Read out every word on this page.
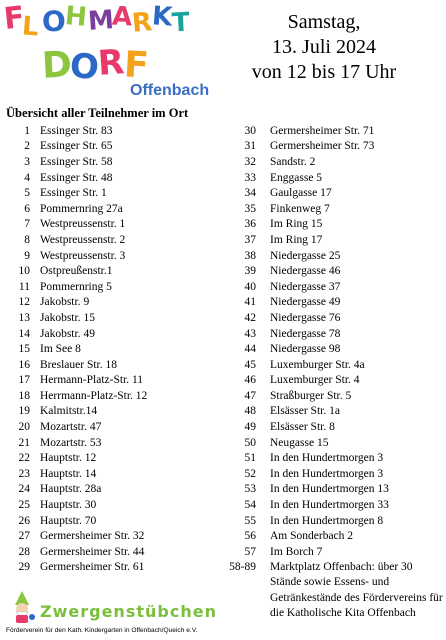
Offenbach
F
L O
H
M
A
R
K
T
D
O
R
F
Samstag,
13. Juli 2024
von 12 bis 17 Uhr
Übersicht aller Teilnehmer im Ort
1 Essinger Str. 83
2 Essinger Str. 65
3 Essinger Str. 58
4 Essinger Str. 48
5 Essinger Str. 1
6 Pommernring 27a
7 Westpreussenstr. 1
8 Westpreussenstr. 2
9 Westpreussenstr. 3
10 Ostpreußenstr.1
11 Pommernring 5
12 Jakobstr. 9
13 Jakobstr. 15
14 Jakobstr. 49
15 Im See 8
16 Breslauer Str. 18
17 Hermann-Platz-Str. 11
18 Herrmann-Platz-Str. 12
19 Kalmitstr.14
20 Mozartstr. 47
21 Mozartstr. 53
22 Hauptstr. 12
23 Hauptstr. 14
24 Hauptstr. 28a
25 Hauptstr. 30
26 Hauptstr. 70
27 Germersheimer Str. 32
28 Germersheimer Str. 44
29 Germersheimer Str. 61
30	Germersheimer Str. 71
31	Germersheimer Str. 73
32	Sandstr. 2
33	Enggasse 5
34	Gaulgasse 17
35	Finkenweg 7
36	Im Ring 15
37	Im Ring 17
38	Niedergasse 25
39	Niedergasse 46
40	Niedergasse 37
41	Niedergasse 49
42	Niedergasse 76
43	Niedergasse 78
44	Niedergasse 98
45	Luxemburger Str. 4a
46	Luxemburger Str. 4
47	Straßburger Str. 5
48	Elsässer Str. 1a
49	Elsässer Str. 8
50	Neugasse 15
51	In den Hundertmorgen 3
52	In den Hundertmorgen 3
53	In den Hundertmorgen 13
54	In den Hundertmorgen 33
55	In den Hundertmorgen 8
56	Am Sonderbach 2
57	Im Borch 7
58-89	Marktplatz Offenbach: über 30 Stände sowie Essens- und Getränkestände des Fördervereins für die Katholische Kita Offenbach
Zwergenstübchen
Förderverein für den Kath. Kindergarten in Offenbach/Queich e.V.
